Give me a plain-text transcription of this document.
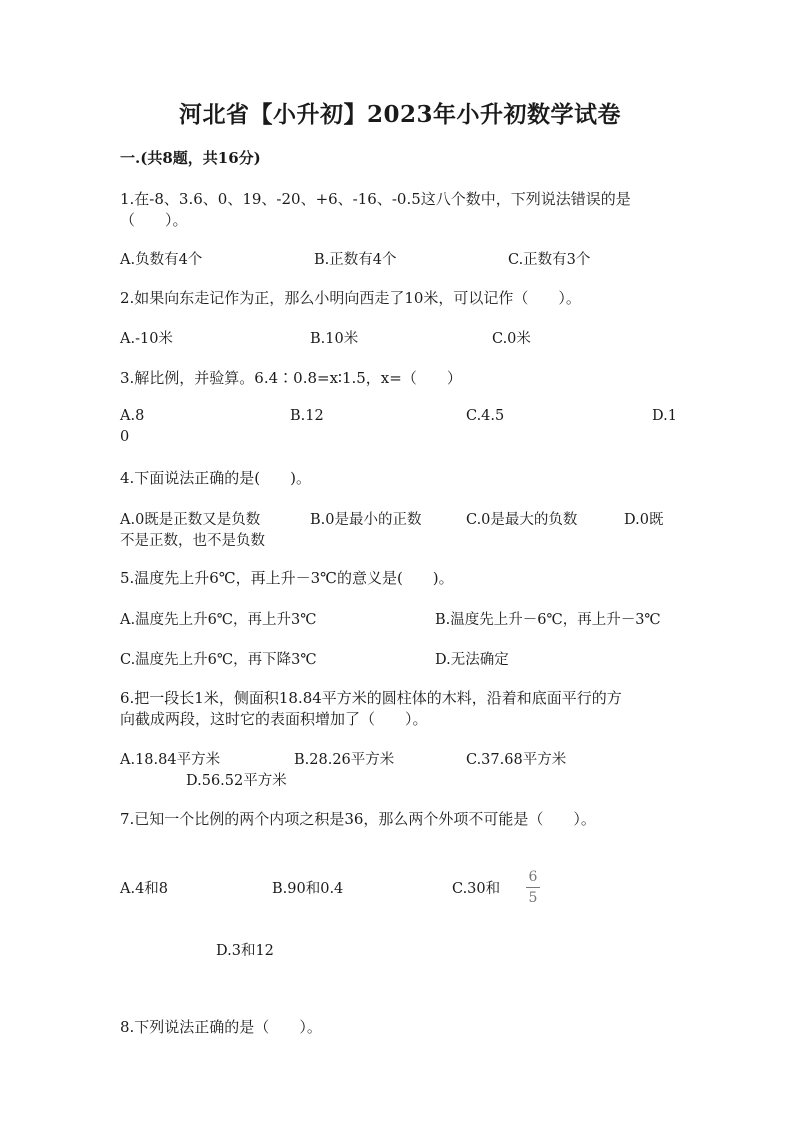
河北省【小升初】2023年小升初数学试卷
一.(共8题，共16分)
1.在-8、3.6、0、19、-20、+6、-16、-0.5这八个数中，下列说法错误的是
（　　）。
A.负数有4个	B.正数有4个	C.正数有3个
2.如果向东走记作为正，那么小明向西走了10米，可以记作（　　）。
A.-10米	B.10米	C.0米
3.解比例，并验算。6.4∶0.8=x∶1.5，x=（　　）
A.8	B.12	C.4.5	D.1
0
4.下面说法正确的是(　　)。
A.0既是正数又是负数	B.0是最小的正数	C.0是最大的负数	D.0既
不是正数，也不是负数
5.温度先上升6℃，再上升－3℃的意义是(　　)。
A.温度先上升6℃，再上升3℃	B.温度先上升－6℃，再上升－3℃
C.温度先上升6℃，再下降3℃	D.无法确定
6.把一段长1米，侧面积18.84平方米的圆柱体的木料，沿着和底面平行的方
向截成两段，这时它的表面积增加了（　　）。
A.18.84平方米	B.28.26平方米	C.37.68平方米
D.56.52平方米
7.已知一个比例的两个内项之积是36，那么两个外项不可能是（　　）。
A.4和8	B.90和0.4	C.30和
6
5
D.3和12
8.下列说法正确的是（　　）。
